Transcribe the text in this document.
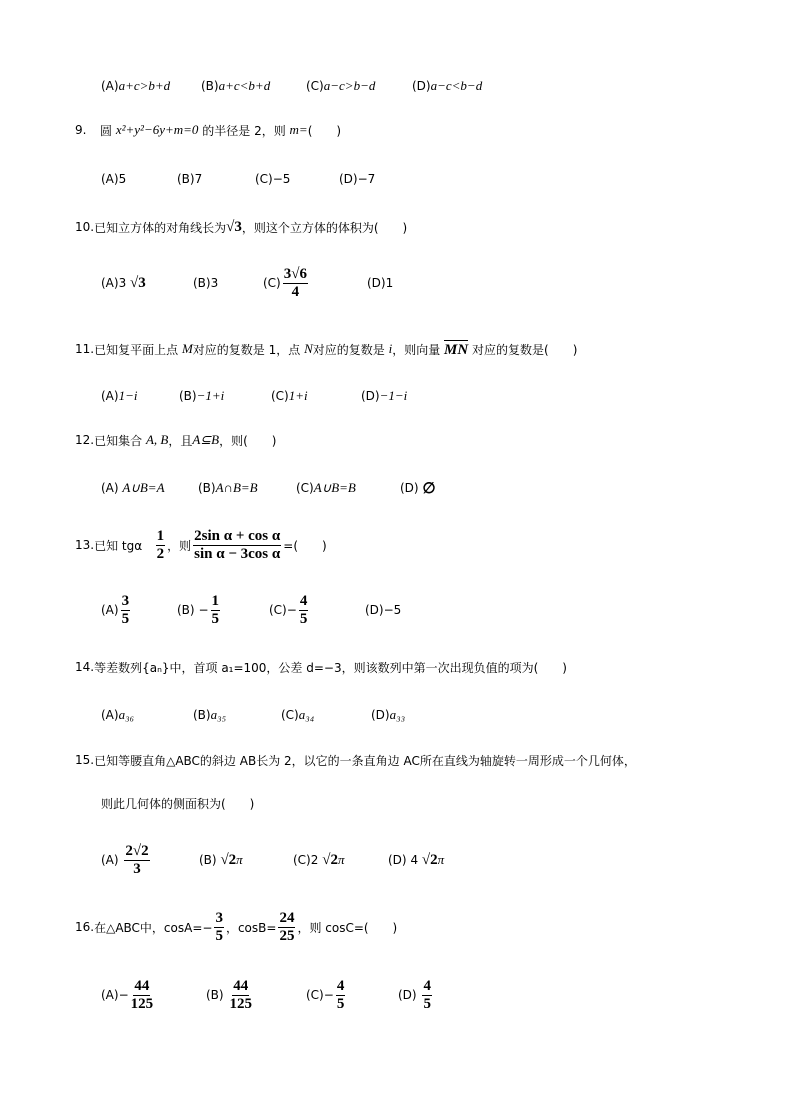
(A) a+c>b+d	(B) a+c<b+d	(C) a−c>b−d	(D) a−c<b−d
9.	圆
x²+y²−6y+m=0
的半径是 2，则
m= (　　)
(A) 5	(B) 7	(C) −5	(D) −7
10. 已知立方体的对角线长为 √3 ，则这个立方体的体积为(　　)
(A) 3
√3	(B) 3	$(C) \frac{3√6}{4}$	(D) 1
11. 已知复平面上点
M 对应的复数是 1，点
N 对应的复数是
i ，则向量
MN
对应的复数是(　　)
(A) 1−i	(B) −1+i	(C) 1+i	(D) −1−i
12. 已知集合
A, B ，且 A⊆B ，则(　　)
(A)
A∪B=A	(B) A∩B=B	(C) A∪B=B	(D)
∅
13. 已知 tgα
$\frac{1}{2}$ ，则 $\frac{\text{2sin α + cos α}}{\text{sin α − 3cos α}}$ =(　　)
$(A) \frac{3}{5}$	(B)
− $\frac{1}{5}$	$(C) - \frac{4}{5}$	(D) −5
14. 等差数列{aₙ}中，首项 a₁=100，公差 d=−3，则该数列中第一次出现负值的项为(　　)
(A) a₃₆	(B) a₃₅	(C) a₃₄	(D) a₃₃
15. 已知等腰直角△ABC的斜边 AB长为 2，以它的一条直角边 AC所在直线为轴旋转一周形成一个几何体，
则此几何体的侧面积为(　　)
(A)
$\frac{2√2}{3}$	(B)
√2 π	(C) 2
√2 π	(D)
4
√2 π
16. 在△ABC中，$\cos A=- \frac{3}{5}$ ，$\cos B= \frac{24}{25}$ ，则 cosC=(　　)
$(A) - \frac{44}{125}$	(B)
$\frac{44}{125}$	$(C) - \frac{4}{5}$	(D)
$\frac{4}{5}$
